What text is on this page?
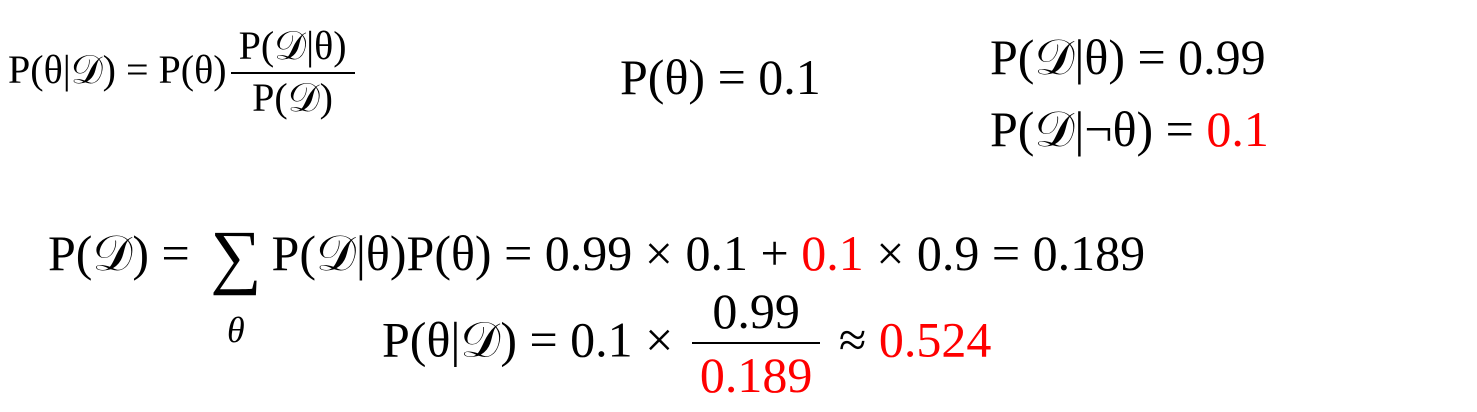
P(θ|𝒟) = $P(\theta) \frac{\text{P(𝒟|θ)}}{\text{P(𝒟)}}$	P(θ) = 0.1	P(𝒟|θ) = 0.99
P(𝒟|¬θ) = 0.1
P(𝒟) = ∑
θ
P(𝒟|θ)P(θ) = 0.99 × 0.1 + 0.1 × 0.9 = 0.189
P(θ|𝒟) = $0.1 \times \frac{0.99}{0.189} \approx 0.524$
